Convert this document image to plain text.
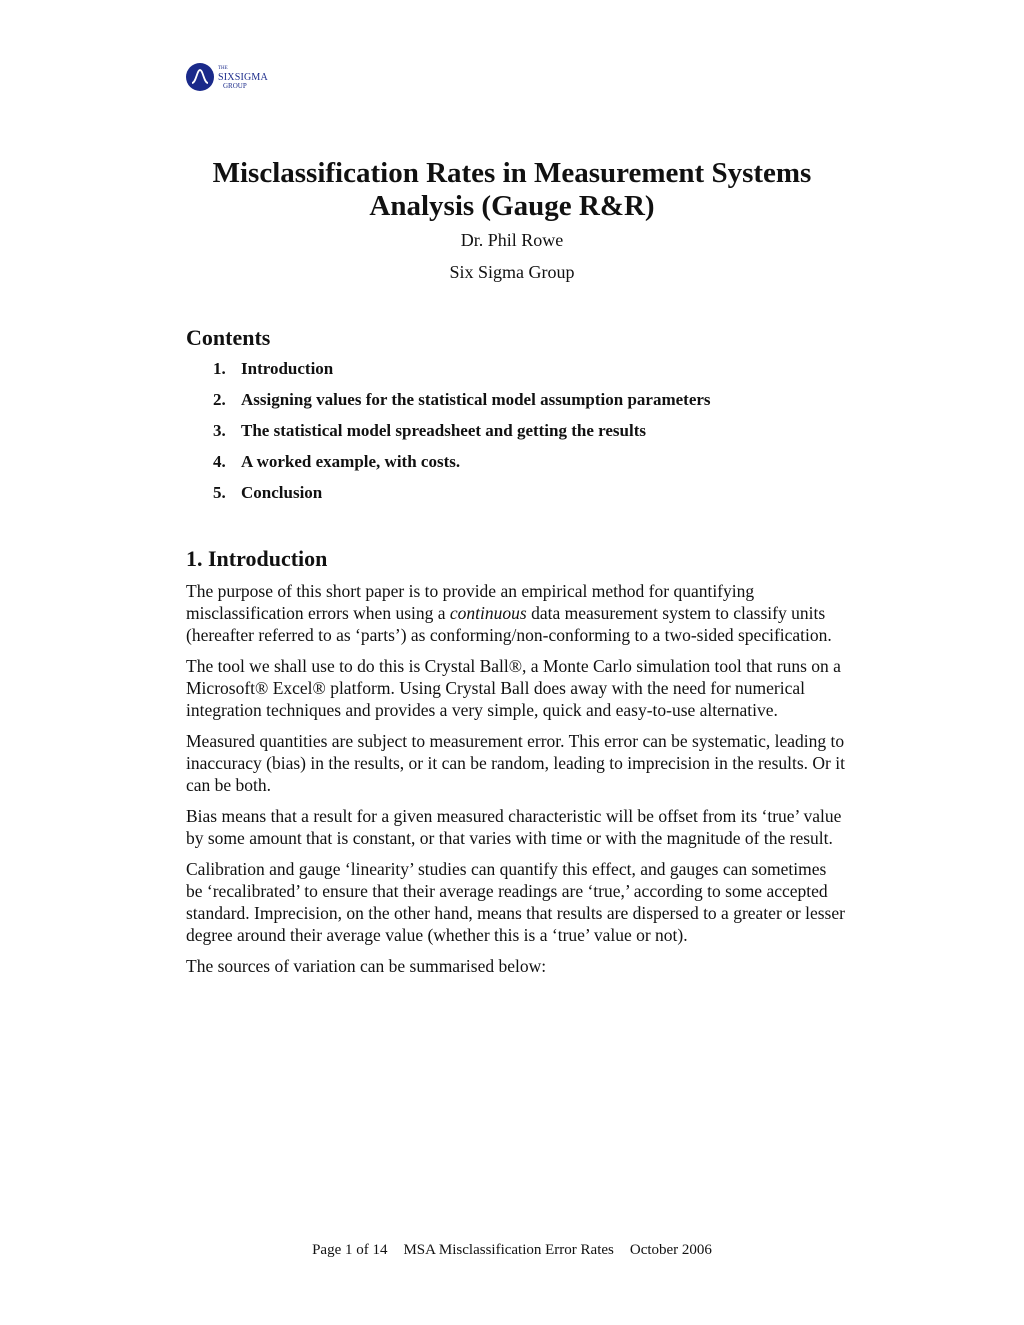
THE
SIXSIGMA
GROUP
Misclassification Rates in Measurement Systems
Analysis (Gauge R&R)

Dr. Phil Rowe

Six Sigma Group

Contents
1. Introduction
2. Assigning values for the statistical model assumption parameters
3. The statistical model spreadsheet and getting the results
4. A worked example, with costs.
5. Conclusion
1. Introduction

The purpose of this short paper is to provide an empirical method for quantifying misclassification errors when using a continuous data measurement system to classify units (hereafter referred to as ‘parts’) as conforming/non-conforming to a two-sided specification.

The tool we shall use to do this is Crystal Ball®, a Monte Carlo simulation tool that runs on a Microsoft® Excel® platform. Using Crystal Ball does away with the need for numerical integration techniques and provides a very simple, quick and easy-to-use alternative.

Measured quantities are subject to measurement error. This error can be systematic, leading to inaccuracy (bias) in the results, or it can be random, leading to imprecision in the results. Or it can be both.

Bias means that a result for a given measured characteristic will be offset from its ‘true’ value by some amount that is constant, or that varies with time or with the magnitude of the result.

Calibration and gauge ‘linearity’ studies can quantify this effect, and gauges can sometimes be ‘recalibrated’ to ensure that their average readings are ‘true,’ according to some accepted standard. Imprecision, on the other hand, means that results are dispersed to a greater or lesser degree around their average value (whether this is a ‘true’ value or not).

The sources of variation can be summarised below:

Page 1 of 14 MSA Misclassification Error Rates October 2006
